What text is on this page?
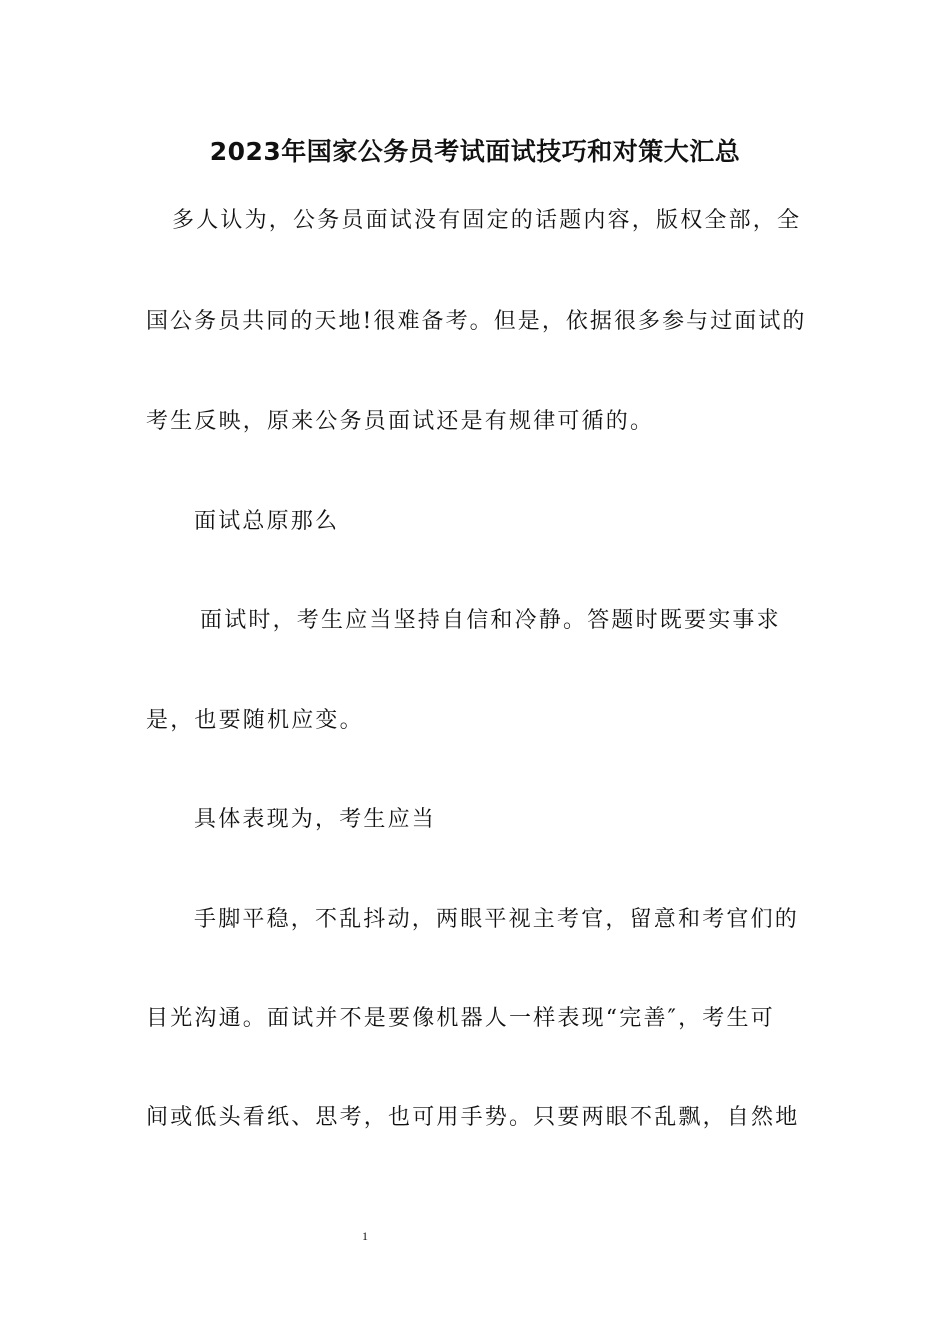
2023年国家公务员考试面试技巧和对策大汇总
多人认为，公务员面试没有固定的话题内容，版权全部，全
国公务员共同的天地!很难备考。但是，依据很多参与过面试的
考生反映，原来公务员面试还是有规律可循的。
面试总原那么
面试时，考生应当坚持自信和冷静。答题时既要实事求
是，也要随机应变。
具体表现为，考生应当
手脚平稳，不乱抖动，两眼平视主考官，留意和考官们的
目光沟通。面试并不是要像机器人一样表现“完善″，考生可
间或低头看纸、思考，也可用手势。只要两眼不乱飘，自然地
1
